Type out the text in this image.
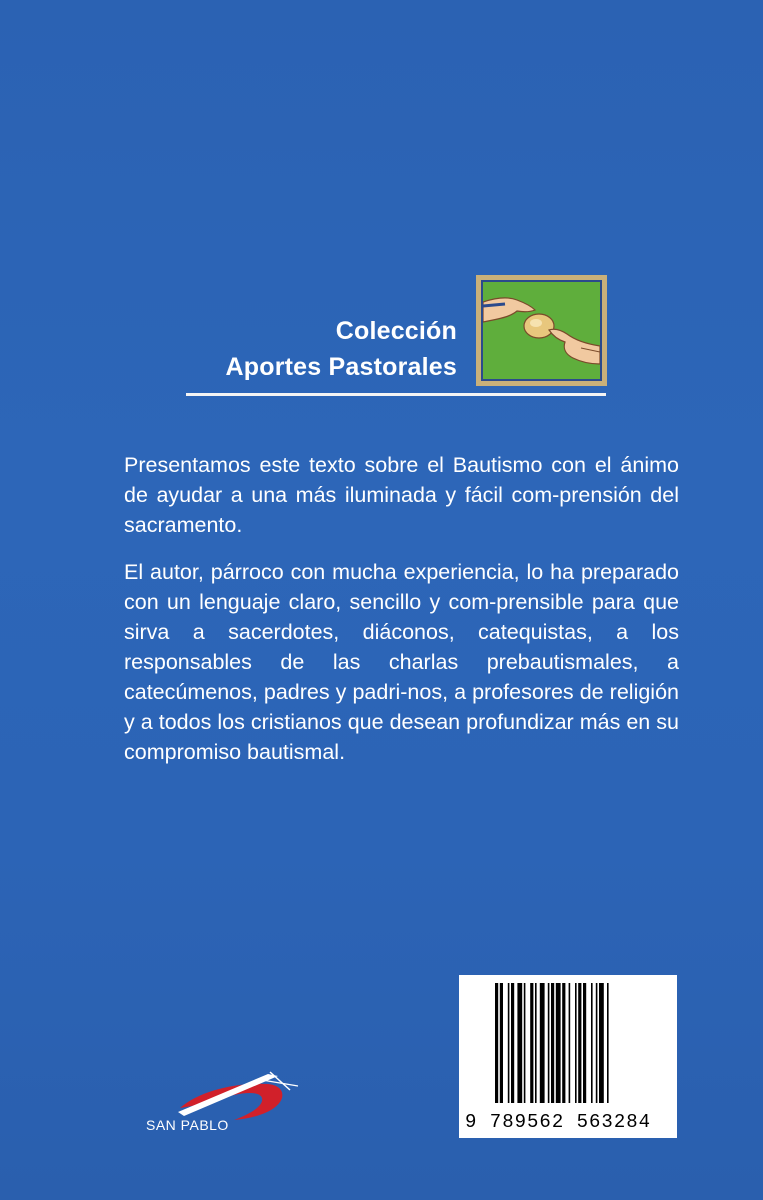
Colección
Aportes Pastorales

Presentamos este texto sobre el Bautismo con el ánimo de ayudar a una más iluminada y fácil com-prensión del sacramento.

El autor, párroco con mucha experiencia, lo ha preparado con un lenguaje claro, sencillo y com-prensible para que sirva a sacerdotes, diáconos, catequistas, a los responsables de las charlas prebautismales, a catecúmenos, padres y padri-nos, a profesores de religión y a todos los cristianos que desean profundizar más en su compromiso bautismal.

SAN PABLO	9 789562 563284
